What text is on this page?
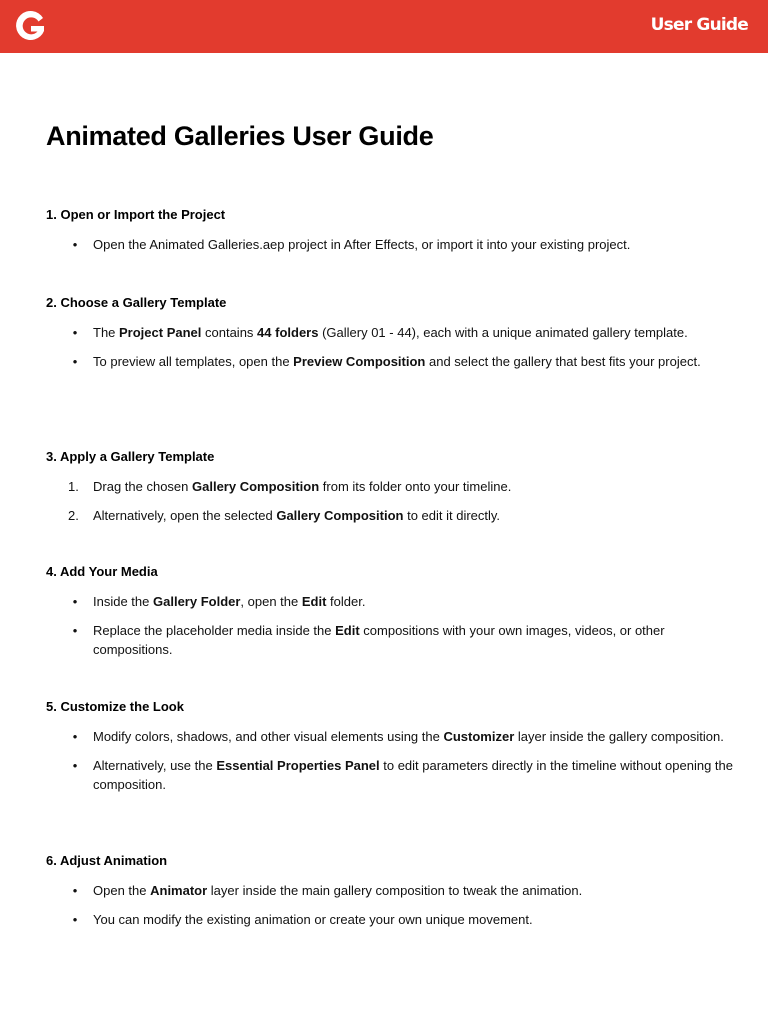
User Guide
Animated Galleries User Guide
1. Open or Import the Project
•	Open the Animated Galleries.aep project in After Effects, or import it into your existing project.
2. Choose a Gallery Template
•	The Project Panel contains 44 folders (Gallery 01 - 44), each with a unique animated gallery template.
•	To preview all templates, open the Preview Composition and select the gallery that best fits your project.
3. Apply a Gallery Template
1. Drag the chosen Gallery Composition from its folder onto your timeline.
2. Alternatively, open the selected Gallery Composition to edit it directly.
4. Add Your Media
•	Inside the Gallery Folder, open the Edit folder.
•	Replace the placeholder media inside the Edit compositions with your own images, videos, or other compositions.
5. Customize the Look
•	Modify colors, shadows, and other visual elements using the Customizer layer inside the gallery composition.
•	Alternatively, use the Essential Properties Panel to edit parameters directly in the timeline without opening the composition.
6. Adjust Animation
•	Open the Animator layer inside the main gallery composition to tweak the animation.
•	You can modify the existing animation or create your own unique movement.
